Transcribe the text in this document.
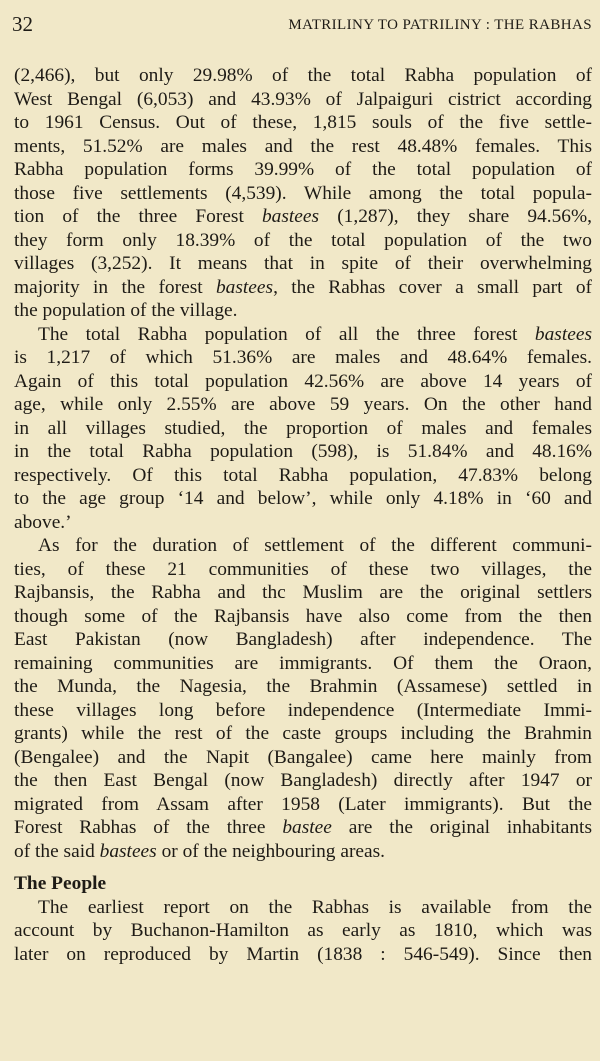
32	MATRILINY TO PATRILINY : THE RABHAS
(2,466), but only 29.98% of the total Rabha population of
West Bengal (6,053) and 43.93% of Jalpaiguri cistrict according
to 1961 Census. Out of these, 1,815 souls of the five settle-
ments, 51.52% are males and the rest 48.48% females. This
Rabha population forms 39.99% of the total population of
those five settlements (4,539). While among the total popula-
tion of the three Forest bastees (1,287), they share 94.56%,
they form only 18.39% of the total population of the two
villages (3,252). It means that in spite of their overwhelming
majority in the forest bastees, the Rabhas cover a small part of
the population of the village.
The total Rabha population of all the three forest bastees
is 1,217 of which 51.36% are males and 48.64% females.
Again of this total population 42.56% are above 14 years of
age, while only 2.55% are above 59 years. On the other hand
in all villages studied, the proportion of males and females
in the total Rabha population (598), is 51.84% and 48.16%
respectively. Of this total Rabha population, 47.83% belong
to the age group ‘14 and below’, while only 4.18% in ‘60 and
above.’
As for the duration of settlement of the different communi-
ties, of these 21 communities of these two villages, the
Rajbansis, the Rabha and thc Muslim are the original settlers
though some of the Rajbansis have also come from the then
East Pakistan (now Bangladesh) after independence. The
remaining communities are immigrants. Of them the Oraon,
the Munda, the Nagesia, the Brahmin (Assamese) settled in
these villages long before independence (Intermediate Immi-
grants) while the rest of the caste groups including the Brahmin
(Bengalee) and the Napit (Bangalee) came here mainly from
the then East Bengal (now Bangladesh) directly after 1947 or
migrated from Assam after 1958 (Later immigrants). But the
Forest Rabhas of the three bastee are the original inhabitants
of the said bastees or of the neighbouring areas.
The People
The earliest report on the Rabhas is available from the
account by Buchanon-Hamilton as early as 1810, which was
later on reproduced by Martin (1838 : 546-549). Since then
